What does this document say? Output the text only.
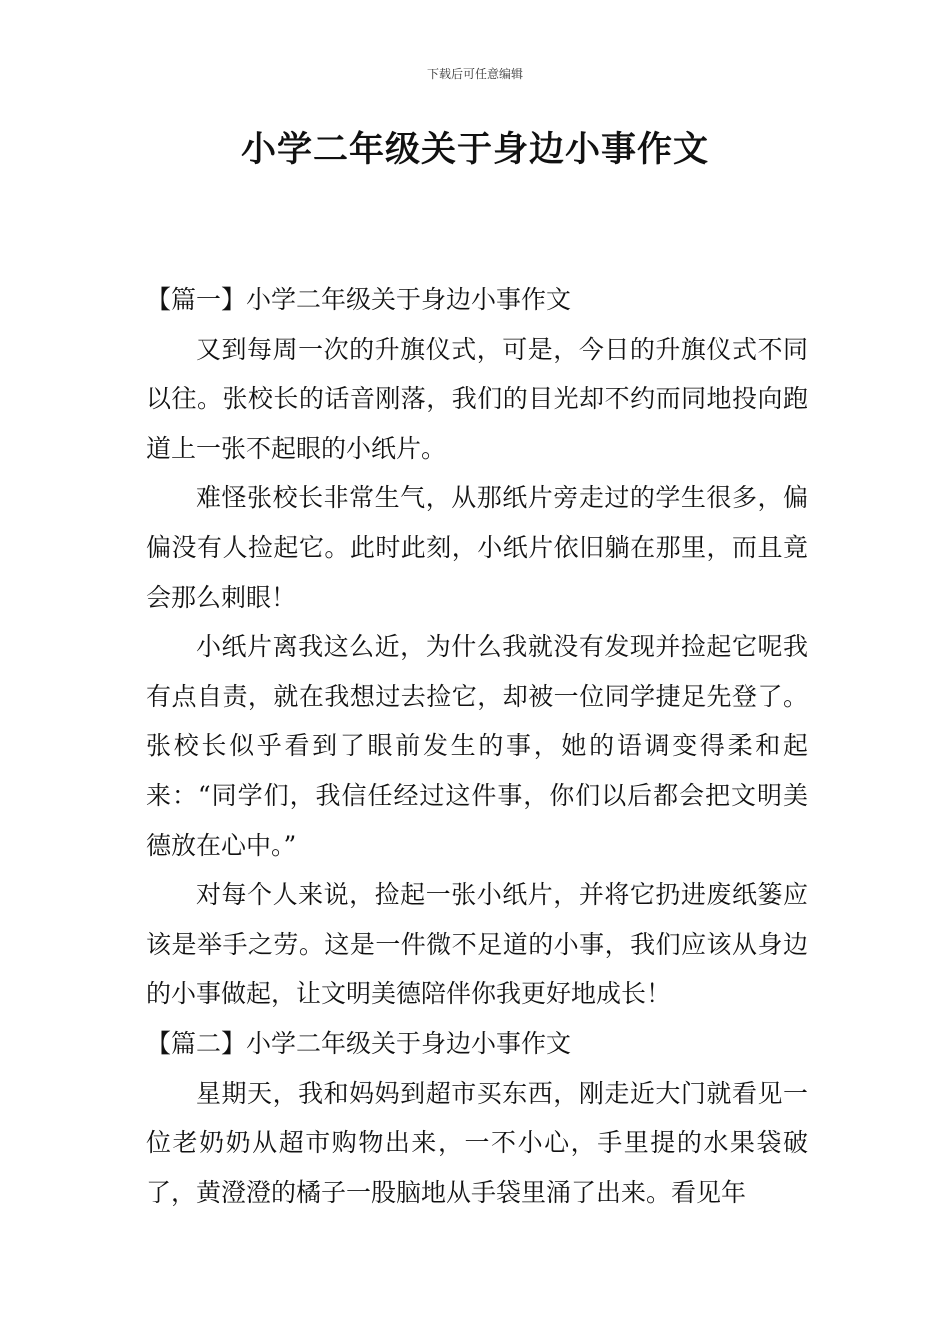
下载后可任意编辑
小学二年级关于身边小事作文

【篇一】小学二年级关于身边小事作文

又到每周一次的升旗仪式，可是，今日的升旗仪式不同以往。张校长的话音刚落，我们的目光却不约而同地投向跑道上一张不起眼的小纸片。

难怪张校长非常生气，从那纸片旁走过的学生很多，偏偏没有人捡起它。此时此刻，小纸片依旧躺在那里，而且竟会那么刺眼！

小纸片离我这么近，为什么我就没有发现并捡起它呢我有点自责，就在我想过去捡它，却被一位同学捷足先登了。张校长似乎看到了眼前发生的事，她的语调变得柔和起来：“同学们，我信任经过这件事，你们以后都会把文明美德放在心中。”

对每个人来说，捡起一张小纸片，并将它扔进废纸篓应该是举手之劳。这是一件微不足道的小事，我们应该从身边的小事做起，让文明美德陪伴你我更好地成长！

【篇二】小学二年级关于身边小事作文

星期天，我和妈妈到超市买东西，刚走近大门就看见一位老奶奶从超市购物出来，一不小心，手里提的水果袋破了，黄澄澄的橘子一股脑地从手袋里涌了出来。看见年
